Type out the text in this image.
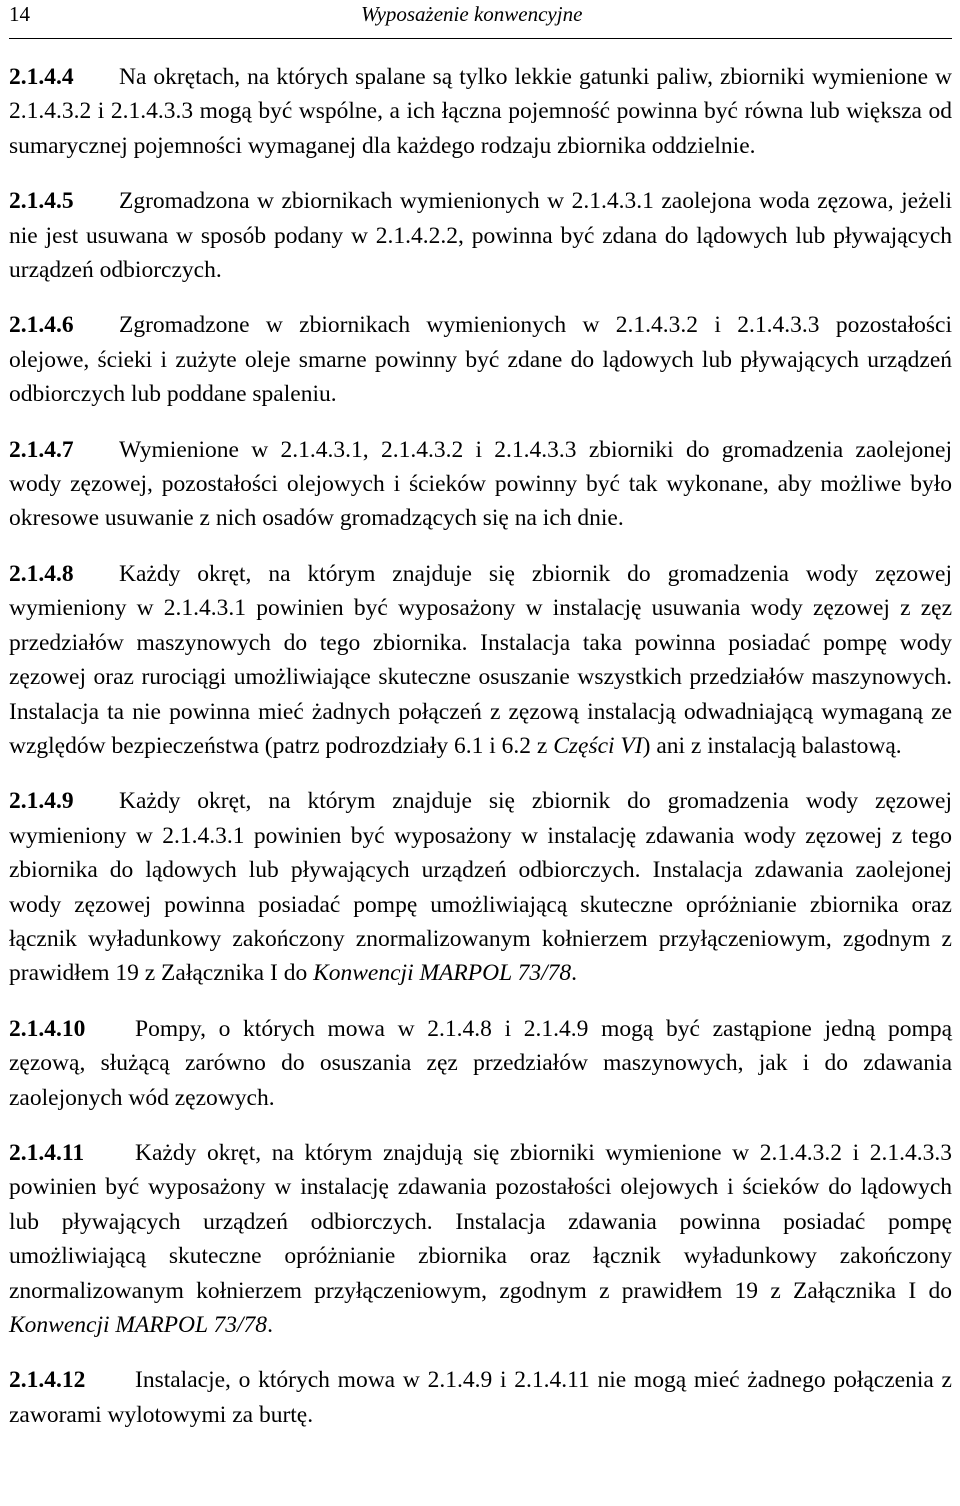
14	Wyposażenie konwencyjne

2.1.4.4 Na okrętach, na których spalane są tylko lekkie gatunki paliw, zbiorniki wymienione w 2.1.4.3.2 i 2.1.4.3.3 mogą być wspólne, a ich łączna pojemność powinna być równa lub większa od sumarycznej pojemności wymaganej dla każdego rodzaju zbiornika oddzielnie.

2.1.4.5 Zgromadzona w zbiornikach wymienionych w 2.1.4.3.1 zaolejona woda zęzowa, jeżeli nie jest usuwana w sposób podany w 2.1.4.2.2, powinna być zdana do lądowych lub pływających urządzeń odbiorczych.

2.1.4.6 Zgromadzone w zbiornikach wymienionych w 2.1.4.3.2 i 2.1.4.3.3 pozostałości olejowe, ścieki i zużyte oleje smarne powinny być zdane do lądowych lub pływających urządzeń odbiorczych lub poddane spaleniu.

2.1.4.7 Wymienione w 2.1.4.3.1, 2.1.4.3.2 i 2.1.4.3.3 zbiorniki do gromadzenia zaolejonej wody zęzowej, pozostałości olejowych i ścieków powinny być tak wykonane, aby możliwe było okresowe usuwanie z nich osadów gromadzących się na ich dnie.

2.1.4.8 Każdy okręt, na którym znajduje się zbiornik do gromadzenia wody zęzowej wymieniony w 2.1.4.3.1 powinien być wyposażony w instalację usuwania wody zęzowej z zęz przedziałów maszynowych do tego zbiornika. Instalacja taka powinna posiadać pompę wody zęzowej oraz rurociągi umożliwiające skuteczne osuszanie wszystkich przedziałów maszynowych. Instalacja ta nie powinna mieć żadnych połączeń z zęzową instalacją odwadniającą wymaganą ze względów bezpieczeństwa (patrz podrozdziały 6.1 i 6.2 z Części VI) ani z instalacją balastową.

2.1.4.9 Każdy okręt, na którym znajduje się zbiornik do gromadzenia wody zęzowej wymieniony w 2.1.4.3.1 powinien być wyposażony w instalację zdawania wody zęzowej z tego zbiornika do lądowych lub pływających urządzeń odbiorczych. Instalacja zdawania zaolejonej wody zęzowej powinna posiadać pompę umożliwiającą skuteczne opróżnianie zbiornika oraz łącznik wyładunkowy zakończony znormalizowanym kołnierzem przyłączeniowym, zgodnym z prawidłem 19 z Załącznika I do Konwencji MARPOL 73/78.

2.1.4.10 Pompy, o których mowa w 2.1.4.8 i 2.1.4.9 mogą być zastąpione jedną pompą zęzową, służącą zarówno do osuszania zęz przedziałów maszynowych, jak i do zdawania zaolejonych wód zęzowych.

2.1.4.11 Każdy okręt, na którym znajdują się zbiorniki wymienione w 2.1.4.3.2 i 2.1.4.3.3 powinien być wyposażony w instalację zdawania pozostałości olejowych i ścieków do lądowych lub pływających urządzeń odbiorczych. Instalacja zdawania powinna posiadać pompę umożliwiającą skuteczne opróżnianie zbiornika oraz łącznik wyładunkowy zakończony znormalizowanym kołnierzem przyłączeniowym, zgodnym z prawidłem 19 z Załącznika I do Konwencji MARPOL 73/78.

2.1.4.12 Instalacje, o których mowa w 2.1.4.9 i 2.1.4.11 nie mogą mieć żadnego połączenia z zaworami wylotowymi za burtę.
